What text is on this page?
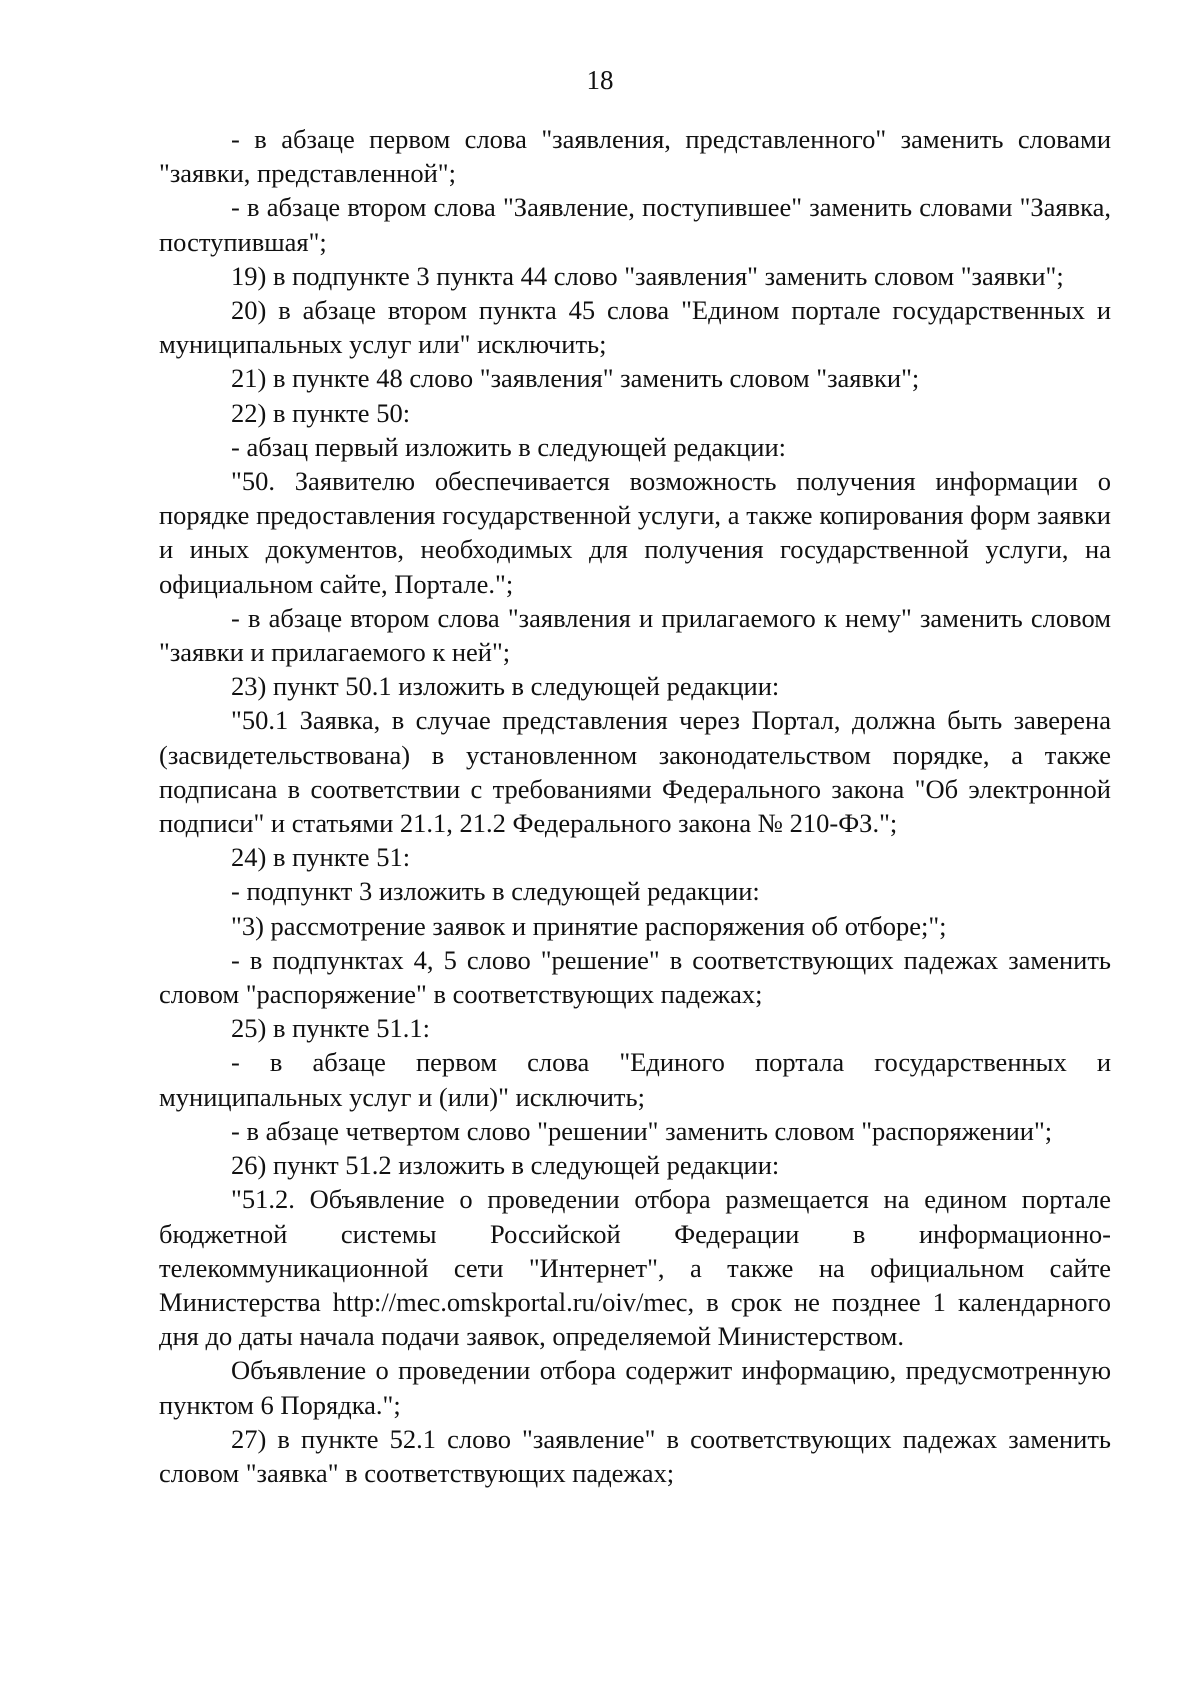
18

- в абзаце первом слова "заявления, представленного" заменить словами "заявки, представленной";

- в абзаце втором слова "Заявление, поступившее" заменить словами "Заявка, поступившая";

19) в подпункте 3 пункта 44 слово "заявления" заменить словом "заявки";

20) в абзаце втором пункта 45 слова "Едином портале государственных и муниципальных услуг или" исключить;

21) в пункте 48 слово "заявления" заменить словом "заявки";

22) в пункте 50:

- абзац первый изложить в следующей редакции:

"50. Заявителю обеспечивается возможность получения информации о порядке предоставления государственной услуги, а также копирования форм заявки и иных документов, необходимых для получения государственной услуги, на официальном сайте, Портале.";

- в абзаце втором слова "заявления и прилагаемого к нему" заменить словом "заявки и прилагаемого к ней";

23) пункт 50.1 изложить в следующей редакции:

"50.1 Заявка, в случае представления через Портал, должна быть заверена (засвидетельствована) в установленном законодательством порядке, а также подписана в соответствии с требованиями Федерального закона "Об электронной подписи" и статьями 21.1, 21.2 Федерального закона № 210-ФЗ.";

24) в пункте 51:

- подпункт 3 изложить в следующей редакции:

"3) рассмотрение заявок и принятие распоряжения об отборе;";

- в подпунктах 4, 5 слово "решение" в соответствующих падежах заменить словом "распоряжение" в соответствующих падежах;

25) в пункте 51.1:

- в абзаце первом слова "Единого портала государственных и муниципальных услуг и (или)" исключить;

- в абзаце четвертом слово "решении" заменить словом "распоряжении";

26) пункт 51.2 изложить в следующей редакции:

"51.2. Объявление о проведении отбора размещается на едином портале бюджетной системы Российской Федерации в информационно-телекоммуникационной сети "Интернет", а также на официальном сайте Министерства http://mec.omskportal.ru/oiv/mec, в срок не позднее 1 календарного дня до даты начала подачи заявок, определяемой Министерством.

Объявление о проведении отбора содержит информацию, предусмотренную пунктом 6 Порядка.";

27) в пункте 52.1 слово "заявление" в соответствующих падежах заменить словом "заявка" в соответствующих падежах;
